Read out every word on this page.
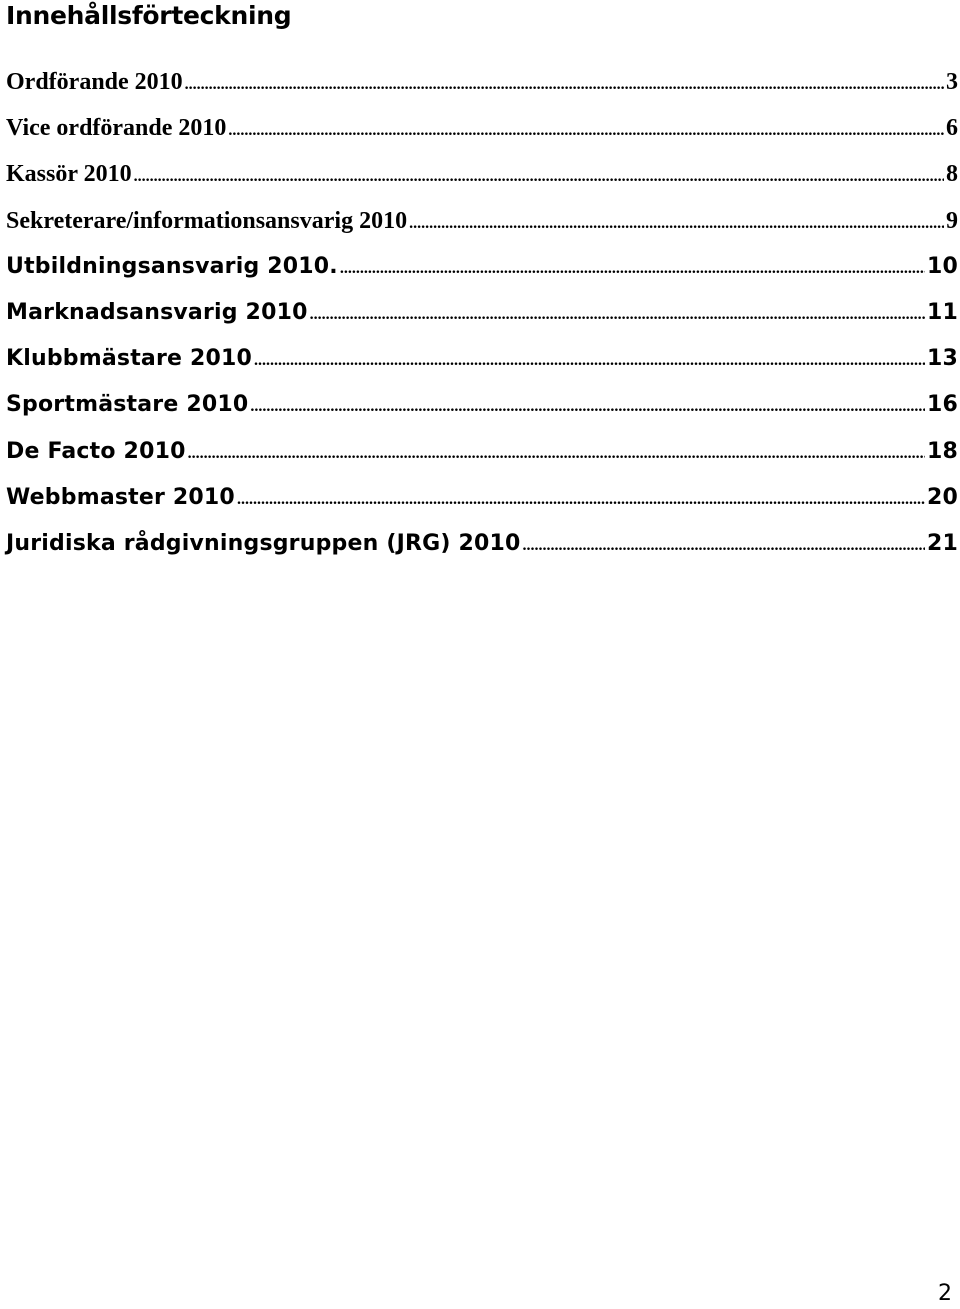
Innehållsförteckning
Ordförande 2010 .....	3
Vice ordförande 2010 .....	6
Kassör 2010 .....	8
Sekreterare/informationsansvarig 2010 .....	9
Utbildningsansvarig 2010. .....	10
Marknadsansvarig 2010 .....	11
Klubbmästare 2010 .....	13
Sportmästare 2010 .....	16
De Facto 2010 .....	18
Webbmaster 2010 .....	20
Juridiska rådgivningsgruppen (JRG) 2010 .....	21
2
